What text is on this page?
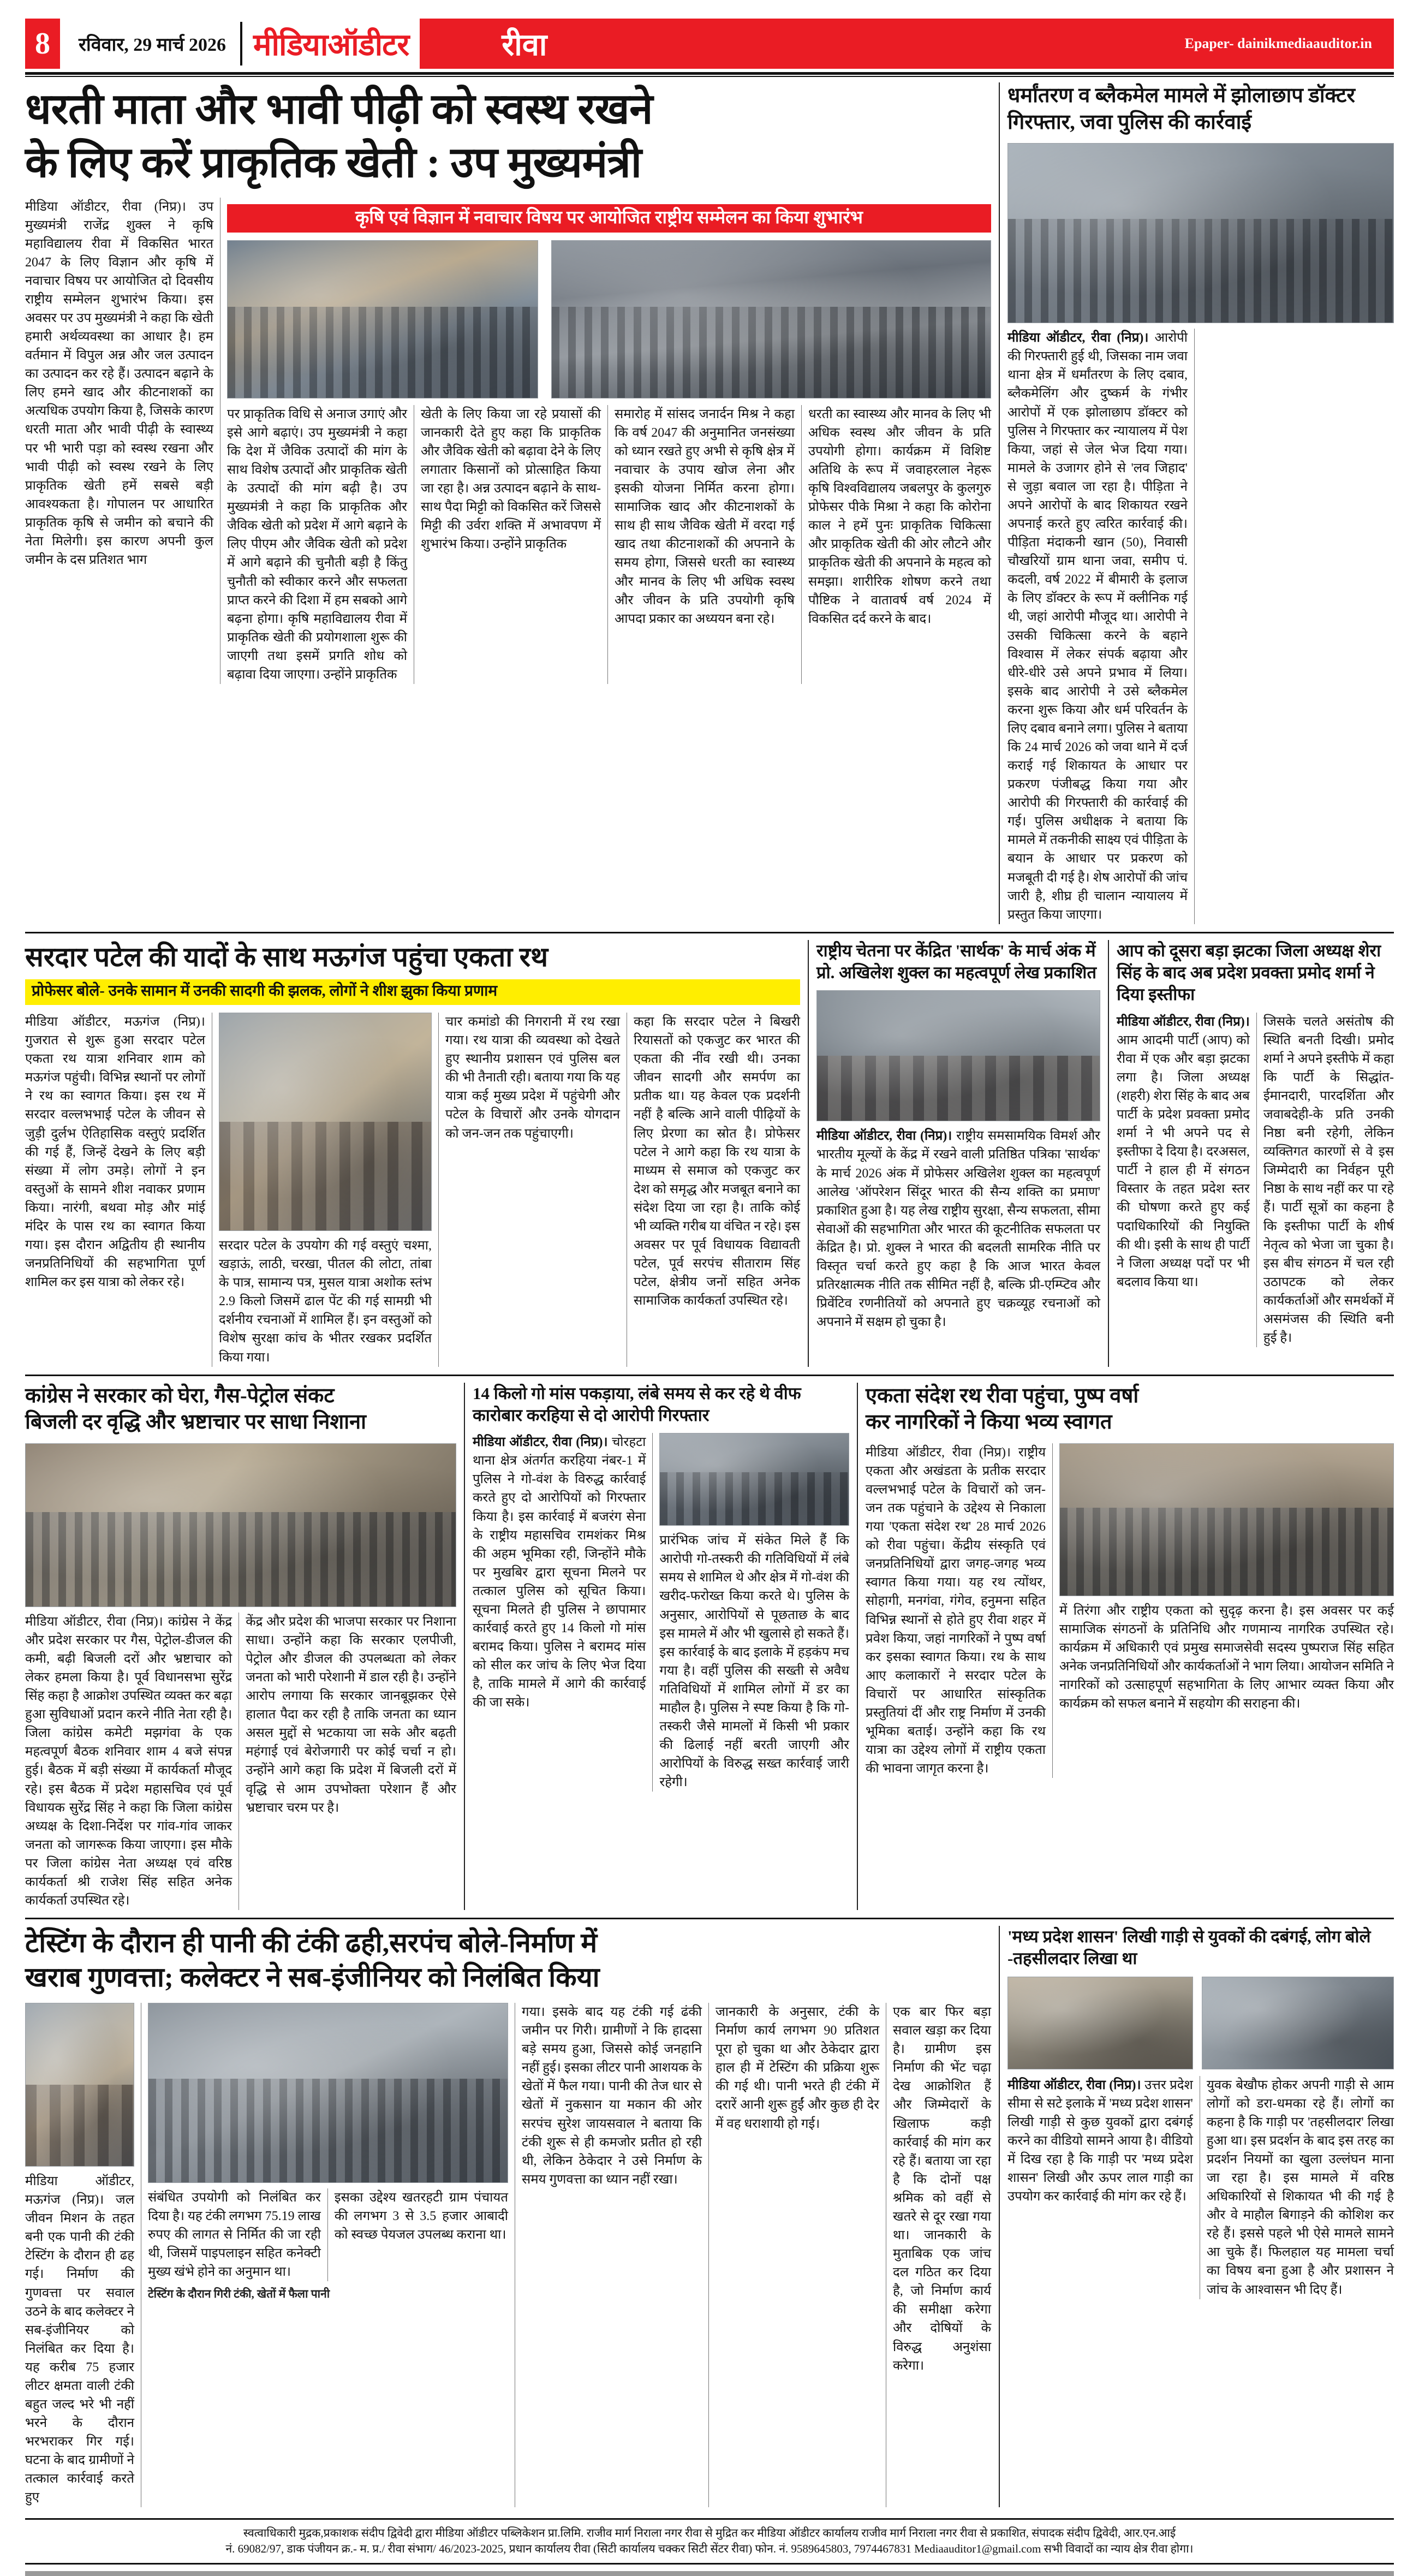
8	रविवार, 29 मार्च 2026 मीडियाऑडीटर	रीवा	Epaper- dainikmediaauditor.in
धरती माता और भावी पीढ़ी को स्वस्थ रखने
के लिए करें प्राकृतिक खेती : उप मुख्यमंत्री
मीडिया ऑडीटर, रीवा (निप्र)। उप मुख्यमंत्री राजेंद्र शुक्ल ने कृषि महाविद्यालय रीवा में विकसित भारत 2047 के लिए विज्ञान और कृषि में नवाचार विषय पर आयोजित दो दिवसीय राष्ट्रीय सम्मेलन शुभारंभ किया। इस अवसर पर उप मुख्यमंत्री ने कहा कि खेती हमारी अर्थव्यवस्था का आधार है। हम वर्तमान में विपुल अन्न और जल उत्पादन का उत्पादन कर रहे हैं। उत्पादन बढ़ाने के लिए हमने खाद और कीटनाशकों का अत्यधिक उपयोग किया है, जिसके कारण धरती माता और भावी पीढ़ी के स्वास्थ्य पर भी भारी पड़ा को स्वस्थ रखना और भावी पीढ़ी को स्वस्थ रखने के लिए प्राकृतिक खेती हमें सबसे बड़ी आवश्यकता है। गोपालन पर आधारित प्राकृतिक कृषि से जमीन को बचाने की नेता मिलेगी। इस कारण अपनी कुल जमीन के दस प्रतिशत भाग
कृषि एवं विज्ञान में नवाचार विषय पर आयोजित राष्ट्रीय सम्मेलन का किया शुभारंभ
पर प्राकृतिक विधि से अनाज उगाएं और इसे आगे बढ़ाएं। उप मुख्यमंत्री ने कहा कि देश में जैविक उत्पादों की मांग के साथ विशेष उत्पादों और प्राकृतिक खेती के उत्पादों की मांग बढ़ी है। उप मुख्यमंत्री ने कहा कि प्राकृतिक और जैविक खेती को प्रदेश में आगे बढ़ाने के लिए पीएम और जैविक खेती को प्रदेश में आगे बढ़ाने की चुनौती बड़ी है किंतु चुनौती को स्वीकार करने और सफलता प्राप्त करने की दिशा में हम सबको आगे बढ़ना होगा। कृषि महाविद्यालय रीवा में प्राकृतिक खेती की प्रयोगशाला शुरू की जाएगी तथा इसमें प्रगति शोध को बढ़ावा दिया जाएगा। उन्होंने प्राकृतिक
खेती के लिए किया जा रहे प्रयासों की जानकारी देते हुए कहा कि प्राकृतिक और जैविक खेती को बढ़ावा देने के लिए लगातार किसानों को प्रोत्साहित किया जा रहा है। अन्न उत्पादन बढ़ाने के साथ-साथ पैदा मिट्टी को विकसित करें जिससे मिट्टी की उर्वरा शक्ति में अभावपण में शुभारंभ किया। उन्होंने प्राकृतिक
समारोह में सांसद जनार्दन मिश्र ने कहा कि वर्ष 2047 की अनुमानित जनसंख्या को ध्यान रखते हुए अभी से कृषि क्षेत्र में नवाचार के उपाय खोज लेना और इसकी योजना निर्मित करना होगा। सामाजिक खाद और कीटनाशकों के साथ ही साथ जैविक खेती में वरदा गई खाद तथा कीटनाशकों की अपनाने के समय होगा, जिससे धरती का स्वास्थ्य और मानव के लिए भी अधिक स्वस्थ और जीवन के प्रति उपयोगी कृषि आपदा प्रकार का अध्ययन बना रहे।
धरती का स्वास्थ्य और मानव के लिए भी अधिक स्वस्थ और जीवन के प्रति उपयोगी होगा। कार्यक्रम में विशिष्ट अतिथि के रूप में जवाहरलाल नेहरू कृषि विश्वविद्यालय जबलपुर के कुलगुरु प्रोफेसर पीके मिश्रा ने कहा कि कोरोना काल ने हमें पुनः प्राकृतिक चिकित्सा और प्राकृतिक खेती की ओर लौटने और प्राकृतिक खेती की अपनाने के महत्व को समझा। शारीरिक शोषण करने तथा पौष्टिक ने वातावर्ष वर्ष 2024 में विकसित दर्द करने के बाद।
धर्मांतरण व ब्लैकमेल मामले में झोलाछाप डॉक्टर गिरफ्तार, जवा पुलिस की कार्रवाई
मीडिया ऑडीटर, रीवा (निप्र)। आरोपी की गिरफ्तारी हुई थी, जिसका नाम जवा थाना क्षेत्र में धर्मांतरण के लिए दबाव, ब्लैकमेलिंग और दुष्कर्म के गंभीर आरोपों में एक झोलाछाप डॉक्टर को पुलिस ने गिरफ्तार कर न्यायालय में पेश किया, जहां से जेल भेज दिया गया। मामले के उजागर होने से 'लव जिहाद' से जुड़ा बवाल जा रहा है। पीड़िता ने अपने आरोपों के बाद शिकायत रखने अपनाई करते हुए त्वरित कार्रवाई की। पीड़िता मंदाकनी खान (50), निवासी चौखरियों ग्राम थाना जवा, समीप पं. कदली, वर्ष 2022 में बीमारी के इलाज के लिए डॉक्टर के रूप में क्लीनिक गई थी, जहां आरोपी मौजूद था। आरोपी ने उसकी चिकित्सा करने के बहाने विश्वास में लेकर संपर्क बढ़ाया और धीरे-धीरे उसे अपने प्रभाव में लिया। इसके बाद आरोपी ने उसे ब्लैकमेल करना शुरू किया और धर्म परिवर्तन के लिए दबाव बनाने लगा। पुलिस ने बताया कि 24 मार्च 2026 को जवा थाने में दर्ज कराई गई शिकायत के आधार पर प्रकरण पंजीबद्ध किया गया और आरोपी की गिरफ्तारी की कार्रवाई की गई। पुलिस अधीक्षक ने बताया कि मामले में तकनीकी साक्ष्य एवं पीड़िता के बयान के आधार पर प्रकरण को मजबूती दी गई है। शेष आरोपों की जांच जारी है, शीघ्र ही चालान न्यायालय में प्रस्तुत किया जाएगा।
सरदार पटेल की यादों के साथ मऊगंज पहुंचा एकता रथ
प्रोफेसर बोले- उनके सामान में उनकी सादगी की झलक, लोगों ने शीश झुका किया प्रणाम
मीडिया ऑडीटर, मऊगंज (निप्र)। गुजरात से शुरू हुआ सरदार पटेल एकता रथ यात्रा शनिवार शाम को मऊगंज पहुंची। विभिन्न स्थानों पर लोगों ने रथ का स्वागत किया। इस रथ में सरदार वल्लभभाई पटेल के जीवन से जुड़ी दुर्लभ ऐतिहासिक वस्तुएं प्रदर्शित की गई हैं, जिन्हें देखने के लिए बड़ी संख्या में लोग उमड़े। लोगों ने इन वस्तुओं के सामने शीश नवाकर प्रणाम किया। नारंगी, बथवा मोड़ और मांई मंदिर के पास रथ का स्वागत किया गया। इस दौरान अद्वितीय ही स्थानीय जनप्रतिनिधियों की सहभागिता पूर्ण शामिल कर इस यात्रा को लेकर रहे।
सरदार पटेल के उपयोग की गई वस्तुएं चश्मा, खड़ाऊं, लाठी, चरखा, पीतल की लोटा, तांबा के पात्र, सामान्य पत्र, मुसल यात्रा अशोक स्तंभ 2.9 किलो जिसमें ढाल पेंट की गई सामग्री भी दर्शनीय रचनाओं में शामिल हैं। इन वस्तुओं को विशेष सुरक्षा कांच के भीतर रखकर प्रदर्शित किया गया।
चार कमांडो की निगरानी में रथ रखा गया। रथ यात्रा की व्यवस्था को देखते हुए स्थानीय प्रशासन एवं पुलिस बल की भी तैनाती रही। बताया गया कि यह यात्रा कई मुख्य प्रदेश में पहुंचेगी और पटेल के विचारों और उनके योगदान को जन-जन तक पहुंचाएगी।
कहा कि सरदार पटेल ने बिखरी रियासतों को एकजुट कर भारत की एकता की नींव रखी थी। उनका जीवन सादगी और समर्पण का प्रतीक था। यह केवल एक प्रदर्शनी नहीं है बल्कि आने वाली पीढ़ियों के लिए प्रेरणा का स्रोत है। प्रोफेसर पटेल ने आगे कहा कि रथ यात्रा के माध्यम से समाज को एकजुट कर देश को समृद्ध और मजबूत बनाने का संदेश दिया जा रहा है। ताकि कोई भी व्यक्ति गरीब या वंचित न रहे। इस अवसर पर पूर्व विधायक विद्यावती पटेल, पूर्व सरपंच सीताराम सिंह पटेल, क्षेत्रीय जनों सहित अनेक सामाजिक कार्यकर्ता उपस्थित रहे।
राष्ट्रीय चेतना पर केंद्रित 'सार्थक' के मार्च अंक में प्रो. अखिलेश शुक्ल का महत्वपूर्ण लेख प्रकाशित
मीडिया ऑडीटर, रीवा (निप्र)। राष्ट्रीय समसामयिक विमर्श और भारतीय मूल्यों के केंद्र में रखने वाली प्रतिष्ठित पत्रिका 'सार्थक' के मार्च 2026 अंक में प्रोफेसर अखिलेश शुक्ल का महत्वपूर्ण आलेख 'ऑपरेशन सिंदूर भारत की सैन्य शक्ति का प्रमाण' प्रकाशित हुआ है। यह लेख राष्ट्रीय सुरक्षा, सैन्य सफलता, सीमा सेवाओं की सहभागिता और भारत की कूटनीतिक सफलता पर केंद्रित है। प्रो. शुक्ल ने भारत की बदलती सामरिक नीति पर विस्तृत चर्चा करते हुए कहा है कि आज भारत केवल प्रतिरक्षात्मक नीति तक सीमित नहीं है, बल्कि प्री-एम्प्टिव और प्रिवेंटिव रणनीतियों को अपनाते हुए चक्रव्यूह रचनाओं को अपनाने में सक्षम हो चुका है।
आप को दूसरा बड़ा झटका जिला अध्यक्ष शेरा सिंह के बाद अब प्रदेश प्रवक्ता प्रमोद शर्मा ने दिया इस्तीफा
मीडिया ऑडीटर, रीवा (निप्र)। आम आदमी पार्टी (आप) को रीवा में एक और बड़ा झटका लगा है। जिला अध्यक्ष (शहरी) शेरा सिंह के बाद अब पार्टी के प्रदेश प्रवक्ता प्रमोद शर्मा ने भी अपने पद से इस्तीफा दे दिया है। दरअसल, पार्टी ने हाल ही में संगठन विस्तार के तहत प्रदेश स्तर की घोषणा करते हुए कई पदाधिकारियों की नियुक्ति की थी। इसी के साथ ही पार्टी ने जिला अध्यक्ष पदों पर भी बदलाव किया था।
जिसके चलते असंतोष की स्थिति बनती दिखी। प्रमोद शर्मा ने अपने इस्तीफे में कहा कि पार्टी के सिद्धांत-ईमानदारी, पारदर्शिता और जवाबदेही-के प्रति उनकी निष्ठा बनी रहेगी, लेकिन व्यक्तिगत कारणों से वे इस जिम्मेदारी का निर्वहन पूरी निष्ठा के साथ नहीं कर पा रहे हैं। पार्टी सूत्रों का कहना है कि इस्तीफा पार्टी के शीर्ष नेतृत्व को भेजा जा चुका है। इस बीच संगठन में चल रही उठापटक को लेकर कार्यकर्ताओं और समर्थकों में असमंजस की स्थिति बनी हुई है।
कांग्रेस ने सरकार को घेरा, गैस-पेट्रोल संकट
बिजली दर वृद्धि और भ्रष्टाचार पर साधा निशाना
मीडिया ऑडीटर, रीवा (निप्र)। कांग्रेस ने केंद्र और प्रदेश सरकार पर गैस, पेट्रोल-डीजल की कमी, बढ़ी बिजली दरों और भ्रष्टाचार को लेकर हमला किया है। पूर्व विधानसभा सुरेंद्र सिंह कहा है आक्रोश उपस्थित व्यक्त कर बढ़ा हुआ सुविधाओं प्रदान करने नीति नेता रही है। जिला कांग्रेस कमेटी मझगंवा के एक महत्वपूर्ण बैठक शनिवार शाम 4 बजे संपन्न हुई। बैठक में बड़ी संख्या में कार्यकर्ता मौजूद रहे। इस बैठक में प्रदेश महासचिव एवं पूर्व विधायक सुरेंद्र सिंह ने कहा कि जिला कांग्रेस अध्यक्ष के दिशा-निर्देश पर गांव-गांव जाकर जनता को जागरूक किया जाएगा। इस मौके पर जिला कांग्रेस नेता अध्यक्ष एवं वरिष्ठ कार्यकर्ता श्री राजेश सिंह सहित अनेक कार्यकर्ता उपस्थित रहे।
केंद्र और प्रदेश की भाजपा सरकार पर निशाना साधा। उन्होंने कहा कि सरकार एलपीजी, पेट्रोल और डीजल की उपलब्धता को लेकर जनता को भारी परेशानी में डाल रही है। उन्होंने आरोप लगाया कि सरकार जानबूझकर ऐसे हालात पैदा कर रही है ताकि जनता का ध्यान असल मुद्दों से भटकाया जा सके और बढ़ती महंगाई एवं बेरोजगारी पर कोई चर्चा न हो। उन्होंने आगे कहा कि प्रदेश में बिजली दरों में वृद्धि से आम उपभोक्ता परेशान हैं और भ्रष्टाचार चरम पर है।
14 किलो गो मांस पकड़ाया, लंबे समय से कर रहे थे वीफ कारोबार करहिया से दो आरोपी गिरफ्तार
मीडिया ऑडीटर, रीवा (निप्र)। चोरहटा थाना क्षेत्र अंतर्गत करहिया नंबर-1 में पुलिस ने गो-वंश के विरुद्ध कार्रवाई करते हुए दो आरोपियों को गिरफ्तार किया है। इस कार्रवाई में बजरंग सेना के राष्ट्रीय महासचिव रामशंकर मिश्र की अहम भूमिका रही, जिन्होंने मौके पर मुखबिर द्वारा सूचना मिलने पर तत्काल पुलिस को सूचित किया। सूचना मिलते ही पुलिस ने छापामार कार्रवाई करते हुए 14 किलो गो मांस बरामद किया। पुलिस ने बरामद मांस को सील कर जांच के लिए भेज दिया है, ताकि मामले में आगे की कार्रवाई की जा सके।
प्रारंभिक जांच में संकेत मिले हैं कि आरोपी गो-तस्करी की गतिविधियों में लंबे समय से शामिल थे और क्षेत्र में गो-वंश की खरीद-फरोख्त किया करते थे। पुलिस के अनुसार, आरोपियों से पूछताछ के बाद इस मामले में और भी खुलासे हो सकते हैं। इस कार्रवाई के बाद इलाके में हड़कंप मच गया है। वहीं पुलिस की सख्ती से अवैध गतिविधियों में शामिल लोगों में डर का माहौल है। पुलिस ने स्पष्ट किया है कि गो-तस्करी जैसे मामलों में किसी भी प्रकार की ढिलाई नहीं बरती जाएगी और आरोपियों के विरुद्ध सख्त कार्रवाई जारी रहेगी।
एकता संदेश रथ रीवा पहुंचा, पुष्प वर्षा
कर नागरिकों ने किया भव्य स्वागत
मीडिया ऑडीटर, रीवा (निप्र)। राष्ट्रीय एकता और अखंडता के प्रतीक सरदार वल्लभभाई पटेल के विचारों को जन-जन तक पहुंचाने के उद्देश्य से निकाला गया 'एकता संदेश रथ' 28 मार्च 2026 को रीवा पहुंचा। केंद्रीय संस्कृति एवं जनप्रतिनिधियों द्वारा जगह-जगह भव्य स्वागत किया गया। यह रथ त्योंथर, सोहागी, मनगंवा, गंगेव, हनुमना सहित विभिन्न स्थानों से होते हुए रीवा शहर में प्रवेश किया, जहां नागरिकों ने पुष्प वर्षा कर इसका स्वागत किया। रथ के साथ आए कलाकारों ने सरदार पटेल के विचारों पर आधारित सांस्कृतिक प्रस्तुतियां दीं और राष्ट्र निर्माण में उनकी भूमिका बताई। उन्होंने कहा कि रथ यात्रा का उद्देश्य लोगों में राष्ट्रीय एकता की भावना जागृत करना है।
में तिरंगा और राष्ट्रीय एकता को सुदृढ़ करना है। इस अवसर पर कई सामाजिक संगठनों के प्रतिनिधि और गणमान्य नागरिक उपस्थित रहे। कार्यक्रम में अधिकारी एवं प्रमुख समाजसेवी सदस्य पुष्पराज सिंह सहित अनेक जनप्रतिनिधियों और कार्यकर्ताओं ने भाग लिया। आयोजन समिति ने नागरिकों को उत्साहपूर्ण सहभागिता के लिए आभार व्यक्त किया और कार्यक्रम को सफल बनाने में सहयोग की सराहना की।
टेस्टिंग के दौरान ही पानी की टंकी ढही,सरपंच बोले-निर्माण में
खराब गुणवत्ता; कलेक्टर ने सब-इंजीनियर को निलंबित किया
मीडिया ऑडीटर, मऊगंज (निप्र)। जल जीवन मिशन के तहत बनी एक पानी की टंकी टेस्टिंग के दौरान ही ढह गई। निर्माण की गुणवत्ता पर सवाल उठने के बाद कलेक्टर ने सब-इंजीनियर को निलंबित कर दिया है। यह करीब 75 हजार लीटर क्षमता वाली टंकी बहुत जल्द भरे भी नहीं भरने के दौरान भरभराकर गिर गई। घटना के बाद ग्रामीणों ने तत्काल कार्रवाई करते हुए
संबंधित उपयोगी को निलंबित कर दिया है। यह टंकी लगभग 75.19 लाख रुपए की लागत से निर्मित की जा रही थी, जिसमें पाइपलाइन सहित कनेक्टी मुख्य खंभे होने का अनुमान था।
इसका उद्देश्य खतरहटी ग्राम पंचायत की लगभग 3 से 3.5 हजार आबादी को स्वच्छ पेयजल उपलब्ध कराना था।
टेस्टिंग के दौरान गिरी टंकी, खेतों में फैला पानी
गया। इसके बाद यह टंकी गई ढंकी जमीन पर गिरी। ग्रामीणों ने कि हादसा बड़े समय हुआ, जिससे कोई जनहानि नहीं हुई। इसका लीटर पानी आशयक के खेतों में फैल गया। पानी की तेज धार से खेतों में नुकसान या मकान की ओर सरपंच सुरेश जायसवाल ने बताया कि टंकी शुरू से ही कमजोर प्रतीत हो रही थी, लेकिन ठेकेदार ने उसे निर्माण के समय गुणवत्ता का ध्यान नहीं रखा।
जानकारी के अनुसार, टंकी के निर्माण कार्य लगभग 90 प्रतिशत पूरा हो चुका था और ठेकेदार द्वारा हाल ही में टेस्टिंग की प्रक्रिया शुरू की गई थी। पानी भरते ही टंकी में दरारें आनी शुरू हुईं और कुछ ही देर में वह धराशायी हो गई।
एक बार फिर बड़ा सवाल खड़ा कर दिया है। ग्रामीण इस निर्माण की भेंट चढ़ा देख आक्रोशित हैं और जिम्मेदारों के खिलाफ कड़ी कार्रवाई की मांग कर रहे हैं। बताया जा रहा है कि दोनों पक्ष श्रमिक को वहीं से खतरे से दूर रखा गया था। जानकारी के मुताबिक एक जांच दल गठित कर दिया है, जो निर्माण कार्य की समीक्षा करेगा और दोषियों के विरुद्ध अनुशंसा करेगा।
'मध्य प्रदेश शासन' लिखी गाड़ी से युवकों की दबंगई, लोग बोले -तहसीलदार लिखा था
मीडिया ऑडीटर, रीवा (निप्र)। उत्तर प्रदेश सीमा से सटे इलाके में 'मध्य प्रदेश शासन' लिखी गाड़ी से कुछ युवकों द्वारा दबंगई करने का वीडियो सामने आया है। वीडियो में दिख रहा है कि गाड़ी पर 'मध्य प्रदेश शासन' लिखी और ऊपर लाल गाड़ी का उपयोग कर कार्रवाई की मांग कर रहे हैं।
युवक बेखौफ होकर अपनी गाड़ी से आम लोगों को डरा-धमका रहे हैं। लोगों का कहना है कि गाड़ी पर 'तहसीलदार' लिखा हुआ था। इस प्रदर्शन के बाद इस तरह का प्रदर्शन नियमों का खुला उल्लंघन माना जा रहा है। इस मामले में वरिष्ठ अधिकारियों से शिकायत भी की गई है और वे माहौल बिगाड़ने की कोशिश कर रहे हैं। इससे पहले भी ऐसे मामले सामने आ चुके हैं। फिलहाल यह मामला चर्चा का विषय बना हुआ है और प्रशासन ने जांच के आश्वासन भी दिए हैं।
स्वत्वाधिकारी मुद्रक,प्रकाशक संदीप द्विवेदी द्वारा मीडिया ऑडीटर पब्लिकेशन प्रा.लिमि. राजीव मार्ग निराला नगर रीवा से मुद्रित कर मीडिया ऑडीटर कार्यालय राजीव मार्ग निराला नगर रीवा से प्रकाशित, संपादक संदीप द्विवेदी, आर.एन.आई
नं. 69082/97, डाक पंजीयन क्र.- म. प्र./ रीवा संभाग/ 46/2023-2025, प्रधान कार्यालय रीवा (सिटी कार्यालय चक्कर सिटी सेंटर रीवा) फोन. नं. 9589645803, 7974467831 Mediaauditor1@gmail.com सभी विवादों का न्याय क्षेत्र रीवा होगा।
